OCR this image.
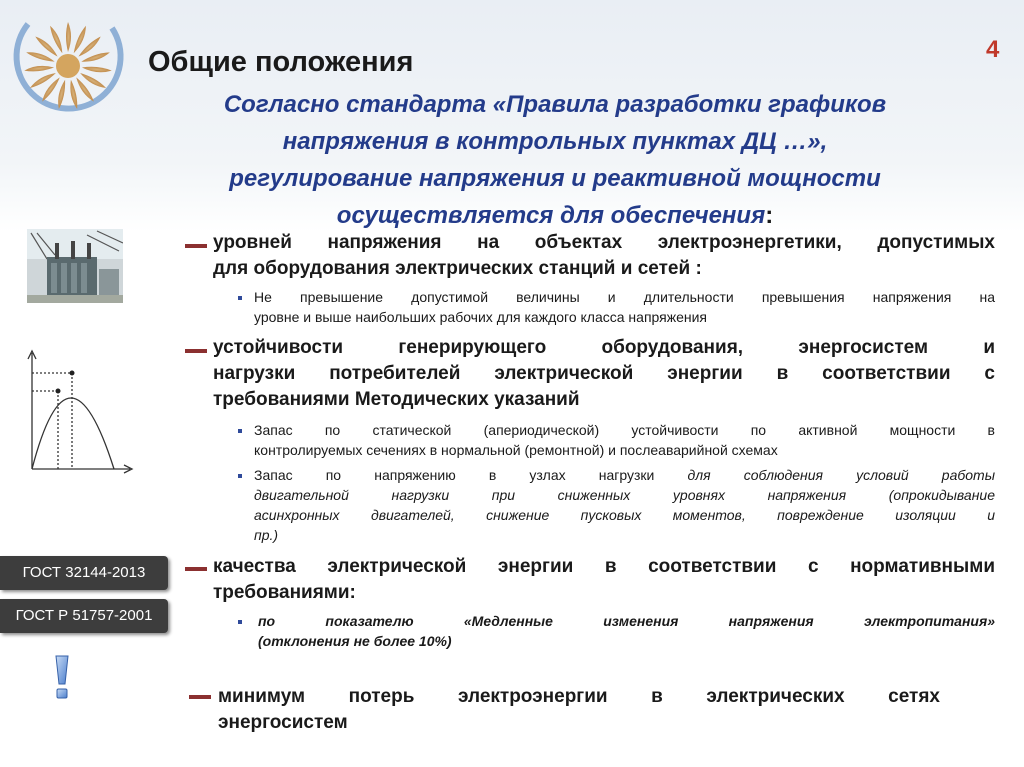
4
Общие положения
Согласно стандарта «Правила разработки графиков
напряжения в контрольных пунктах ДЦ …»,
регулирование напряжения и реактивной мощности
осуществляется для обеспечения:
ГОСТ 32144-2013
ГОСТ Р 51757-2001
уровней напряжения на объектах электроэнергетики, допустимых
для оборудования электрических станций и сетей :
Не превышение допустимой величины и длительности превышения напряжения на
уровне и выше наибольших рабочих для каждого класса напряжения
устойчивости генерирующего оборудования, энергосистем и
нагрузки потребителей электрической энергии в соответствии с
требованиями Методических указаний
Запас по статической (апериодической) устойчивости по активной мощности в
контролируемых сечениях в нормальной (ремонтной) и послеаварийной схемах
Запас по напряжению в узлах нагрузки для соблюдения условий работы
двигательной нагрузки при сниженных уровнях напряжения (опрокидывание
асинхронных двигателей, снижение пусковых моментов, повреждение изоляции и
пр.)
качества электрической энергии в соответствии с нормативными
требованиями:
по показателю «Медленные изменения напряжения электропитания»
(отклонения не более 10%)
минимум потерь электроэнергии в электрических сетях
энергосистем
